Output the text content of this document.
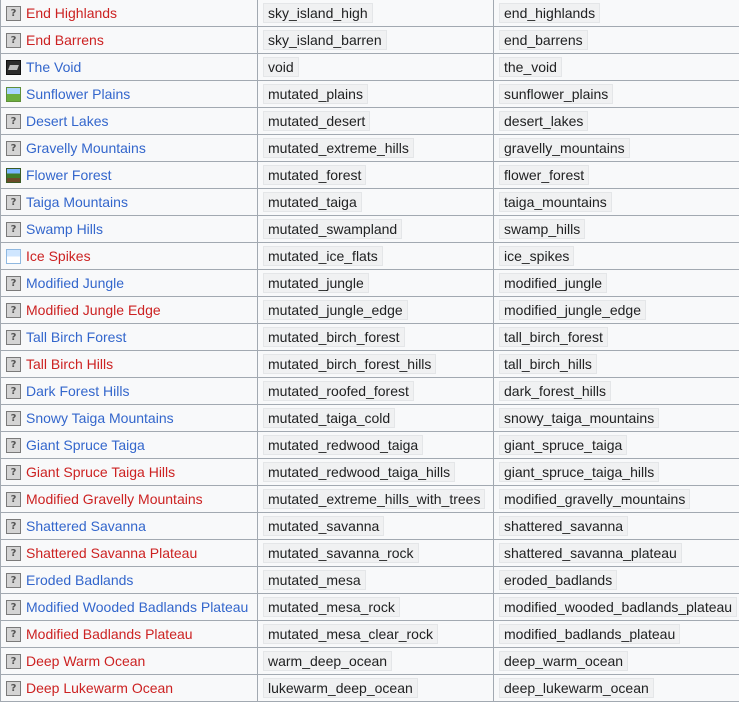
? End Highlands	sky_island_high	end_highlands

? End Barrens	sky_island_barren	end_barrens

The Void	void	the_void

Sunflower Plains	mutated_plains	sunflower_plains

? Desert Lakes	mutated_desert	desert_lakes

? Gravelly Mountains	mutated_extreme_hills	gravelly_mountains

Flower Forest	mutated_forest	flower_forest

? Taiga Mountains	mutated_taiga	taiga_mountains

? Swamp Hills	mutated_swampland	swamp_hills

Ice Spikes	mutated_ice_flats	ice_spikes

? Modified Jungle	mutated_jungle	modified_jungle

? Modified Jungle Edge	mutated_jungle_edge	modified_jungle_edge

? Tall Birch Forest	mutated_birch_forest	tall_birch_forest

? Tall Birch Hills	mutated_birch_forest_hills	tall_birch_hills

? Dark Forest Hills	mutated_roofed_forest	dark_forest_hills

? Snowy Taiga Mountains	mutated_taiga_cold	snowy_taiga_mountains

? Giant Spruce Taiga	mutated_redwood_taiga	giant_spruce_taiga

? Giant Spruce Taiga Hills	mutated_redwood_taiga_hills	giant_spruce_taiga_hills

? Modified Gravelly Mountains	mutated_extreme_hills_with_trees	modified_gravelly_mountains

? Shattered Savanna	mutated_savanna	shattered_savanna

? Shattered Savanna Plateau	mutated_savanna_rock	shattered_savanna_plateau

? Eroded Badlands	mutated_mesa	eroded_badlands

? Modified Wooded Badlands Plateau	mutated_mesa_rock	modified_wooded_badlands_plateau

? Modified Badlands Plateau	mutated_mesa_clear_rock	modified_badlands_plateau

? Deep Warm Ocean	warm_deep_ocean	deep_warm_ocean

? Deep Lukewarm Ocean	lukewarm_deep_ocean	deep_lukewarm_ocean
